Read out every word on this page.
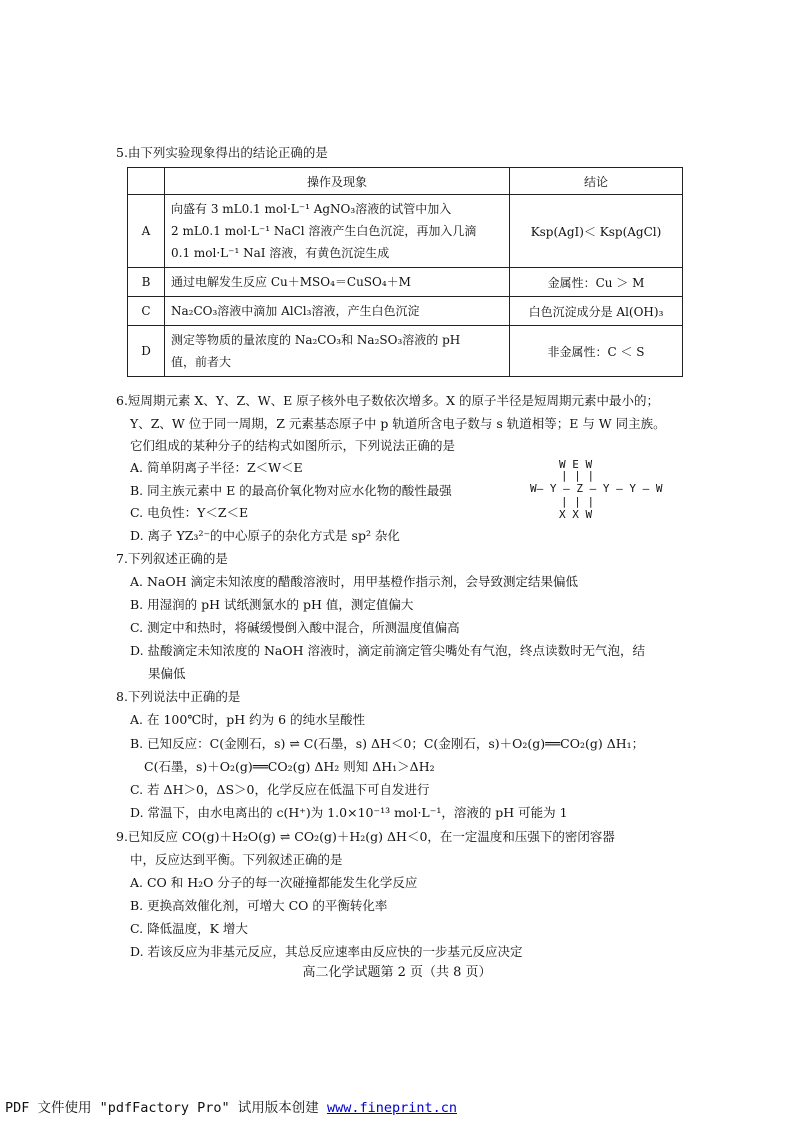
5.由下列实验现象得出的结论正确的是
	操作及现象	结论
A	向盛有 3 mL0.1 mol·L⁻¹ AgNO₃溶液的试管中加入
2 mL0.1 mol·L⁻¹ NaCl 溶液产生白色沉淀，再加入几滴
0.1 mol·L⁻¹ NaI 溶液，有黄色沉淀生成	Ksp(AgI)＜ Ksp(AgCl)
B	通过电解发生反应 Cu＋MSO₄＝CuSO₄＋M	金属性：Cu ＞ M
C	Na₂CO₃溶液中滴加 AlCl₃溶液，产生白色沉淀	白色沉淀成分是 Al(OH)₃
D	测定等物质的量浓度的 Na₂CO₃和 Na₂SO₃溶液的 pH
值，前者大	非金属性：C ＜ S
6.短周期元素 X、Y、Z、W、E 原子核外电子数依次增多。X 的原子半径是短周期元素中最小的；
Y、Z、W 位于同一周期，Z 元素基态原子中 p 轨道所含电子数与 s 轨道相等；E 与 W 同主族。
它们组成的某种分子的结构式如图所示，下列说法正确的是
A. 简单阴离子半径：Z＜W＜E
B. 同主族元素中 E 的最高价氧化物对应水化物的酸性最强
C. 电负性：Y＜Z＜E
D. 离子 YZ₃²⁻的中心原子的杂化方式是 sp² 杂化
W E W
| | |
W— Y — Z — Y — Y — W
| | |
X X W
7.下列叙述正确的是
A. NaOH 滴定未知浓度的醋酸溶液时，用甲基橙作指示剂，会导致测定结果偏低
B. 用湿润的 pH 试纸测氯水的 pH 值，测定值偏大
C. 测定中和热时，将碱缓慢倒入酸中混合，所测温度值偏高
D. 盐酸滴定未知浓度的 NaOH 溶液时，滴定前滴定管尖嘴处有气泡，终点读数时无气泡，结
果偏低
8.下列说法中正确的是
A. 在 100℃时，pH 约为 6 的纯水呈酸性
B. 已知反应：C(金刚石，s) ⇌ C(石墨，s) ΔH＜0；C(金刚石，s)＋O₂(g)══CO₂(g) ΔH₁；
C(石墨，s)＋O₂(g)══CO₂(g) ΔH₂ 则知 ΔH₁＞ΔH₂
C. 若 ΔH＞0，ΔS＞0，化学反应在低温下可自发进行
D. 常温下，由水电离出的 c(H⁺)为 1.0×10⁻¹³ mol·L⁻¹，溶液的 pH 可能为 1
9.已知反应 CO(g)＋H₂O(g) ⇌ CO₂(g)＋H₂(g) ΔH＜0，在一定温度和压强下的密闭容器
中，反应达到平衡。下列叙述正确的是
A. CO 和 H₂O 分子的每一次碰撞都能发生化学反应
B. 更换高效催化剂，可增大 CO 的平衡转化率
C. 降低温度，K 增大
D. 若该反应为非基元反应，其总反应速率由反应快的一步基元反应决定
高二化学试题第 2 页（共 8 页）
PDF 文件使用 "pdfFactory Pro" 试用版本创建 www.fineprint.cn
